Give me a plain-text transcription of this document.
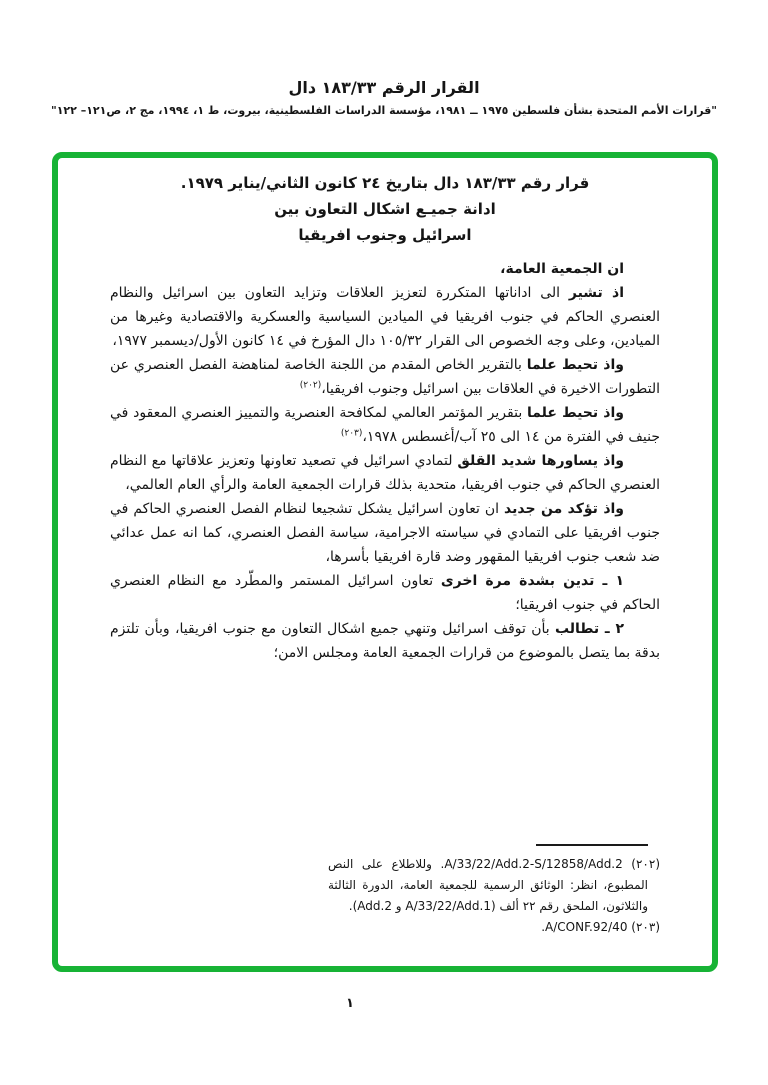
القرار الرقم ٣٣‏/‏١٨٣ دال
"قرارات الأمم المتحدة بشأن فلسطين ١٩٧٥ ــ ١٩٨١، مؤسسة الدراسات الفلسطينية، بيروت، ط ١، ١٩٩٤، مج ٢، ص١٢١– ١٢٢"
قرار رقم ٣٣‏/‏١٨٣ دال بتاريخ ٢٤ كانون الثاني/يناير ١٩٧٩.
ادانة جميـع اشكال التعاون بين
اسرائيل وجنوب افريقيا

ان الجمعية العامة،

اذ تشير الى اداناتها المتكررة لتعزيز العلاقات وتزايد التعاون بين اسرائيل والنظام العنصري الحاكم في جنوب افريقيا في الميادين السياسية والعسكرية والاقتصادية وغيرها من الميادين، وعلى وجه الخصوص الى القرار ٣٢‏/‏١٠٥ دال المؤرخ في ١٤ كانون الأول/ديسمبر ١٩٧٧،

واذ تحيط علما بالتقرير الخاص المقدم من اللجنة الخاصة لمناهضة الفصل العنصري عن التطورات الاخيرة في العلاقات بين اسرائيل وجنوب افريقيا،$^{(٢٠٢)}$

واذ تحيط علما بتقرير المؤتمر العالمي لمكافحة العنصرية والتمييز العنصري المعقود في جنيف في الفترة من ١٤ الى ٢٥ آب/أغسطس ١٩٧٨،$^{(٢٠٣)}$

واذ يساورها شديد القلق لتمادي اسرائيل في تصعيد تعاونها وتعزيز علاقاتها مع النظام العنصري الحاكم في جنوب افريقيا، متحدية بذلك قرارات الجمعية العامة والرأي العام العالمي،

واذ تؤكد من جديد ان تعاون اسرائيل يشكل تشجيعا لنظام الفصل العنصري الحاكم في جنوب افريقيا على التمادي في سياسته الاجرامية، سياسة الفصل العنصري، كما انه عمل عدائي ضد شعب جنوب افريقيا المقهور وضد قارة افريقيا بأسرها،

١ ـ تدين بشدة مرة اخرى تعاون اسرائيل المستمر والمطّرد مع النظام العنصري الحاكم في جنوب افريقيا؛

٢ ـ تطالب بأن توقف اسرائيل وتنهي جميع اشكال التعاون مع جنوب افريقيا، وبأن تلتزم بدقة بما يتصل بالموضوع من قرارات الجمعية العامة ومجلس الامن؛

(٢٠٢) A/33/22/Add.2-S/12858/Add.2. وللاطلاع على النص المطبوع، انظر: الوثائق الرسمية للجمعية العامة، الدورة الثالثة والثلاثون، الملحق رقم ٢٢ ألف (A/33/22/Add.1 و Add.2).

(٢٠٣) A/CONF.92/40.

١
